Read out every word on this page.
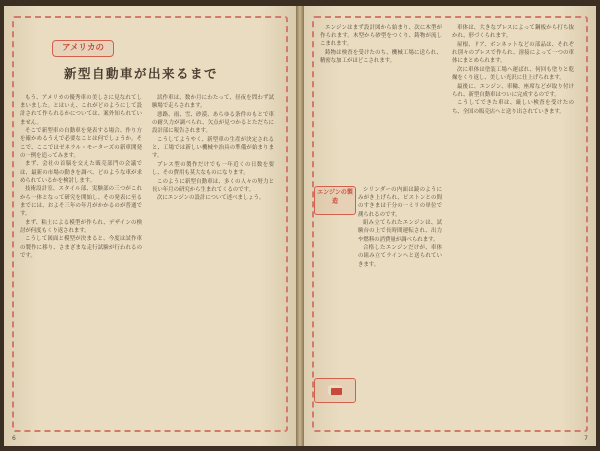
アメリカの
新型自動車が出来るまで

もう、アメリカの優秀車の美しさに見なれてしまいました。とはいえ、これがどのようにして設計されて作られるかについては、案外知られていません。

そこで新型車の自動車を発表する場合、作り方を確かめるうえで必要なことは何でしょうか。そこで、ここではゼネラル・モーターズの新車開発の一例を追ってみます。

まず、会社の首脳を交えた販売部門の会議では、最新の市場の動きを調べ、どのような車が求められているかを検討します。

技術設計室、スタイル部、実験部の三つがこれから一体となって研究を開始し、その発表に至るまでには、およそ三年の年月がかかるのが普通です。

まず、粘土による模型が作られ、デザインの検討が何度もくり返されます。

こうして図面と模型が決まると、今度は試作車の製作に移り、さまざまな走行試験が行われるのです。

試作車は、数か月にわたって、昼夜を問わず試験場で走らされます。

悪路、雨、雪、砂漠、あらゆる条件のもとで車の耐久力が調べられ、欠点が見つかるとただちに設計部に報告されます。

こうしてようやく、新型車の生産が決定されると、工場では新しい機械や治具の準備が始まります。

プレス型の製作だけでも一年近くの日数を要し、その費用も莫大なものになります。

このように新型自動車は、多くの人々の努力と長い年月の研究から生まれてくるのです。

次にエンジンの設計について述べましょう。

6
エンジンの製造

エンジンはまず設計図から始まり、次に木型が作られます。木型から砂型をつくり、鋳物が流しこまれます。

鋳物は検査を受けたのち、機械工場に送られ、精密な加工がほどこされます。

シリンダーの内面は鏡のようにみがき上げられ、ピストンとの間のすきまは千分の一ミリの単位で測られるのです。

組み立てられたエンジンは、試験台の上で長時間運転され、出力や燃料の消費量が調べられます。

合格したエンジンだけが、車体の組み立てラインへと送られていきます。

車体は、大きなプレスによって鋼板から打ち抜かれ、形づくられます。

屋根、ドア、ボンネットなどの部品は、それぞれ別々のプレスで作られ、溶接によって一つの車体にまとめられます。

次に車体は塗装工場へ運ばれ、何回も塗りと乾燥をくり返し、美しい光沢に仕上げられます。

最後に、エンジン、車輪、座席などが取り付けられ、新型自動車はついに完成するのです。

こうしてできた車は、厳しい検査を受けたのち、全国の販売店へと送り出されていきます。

7
